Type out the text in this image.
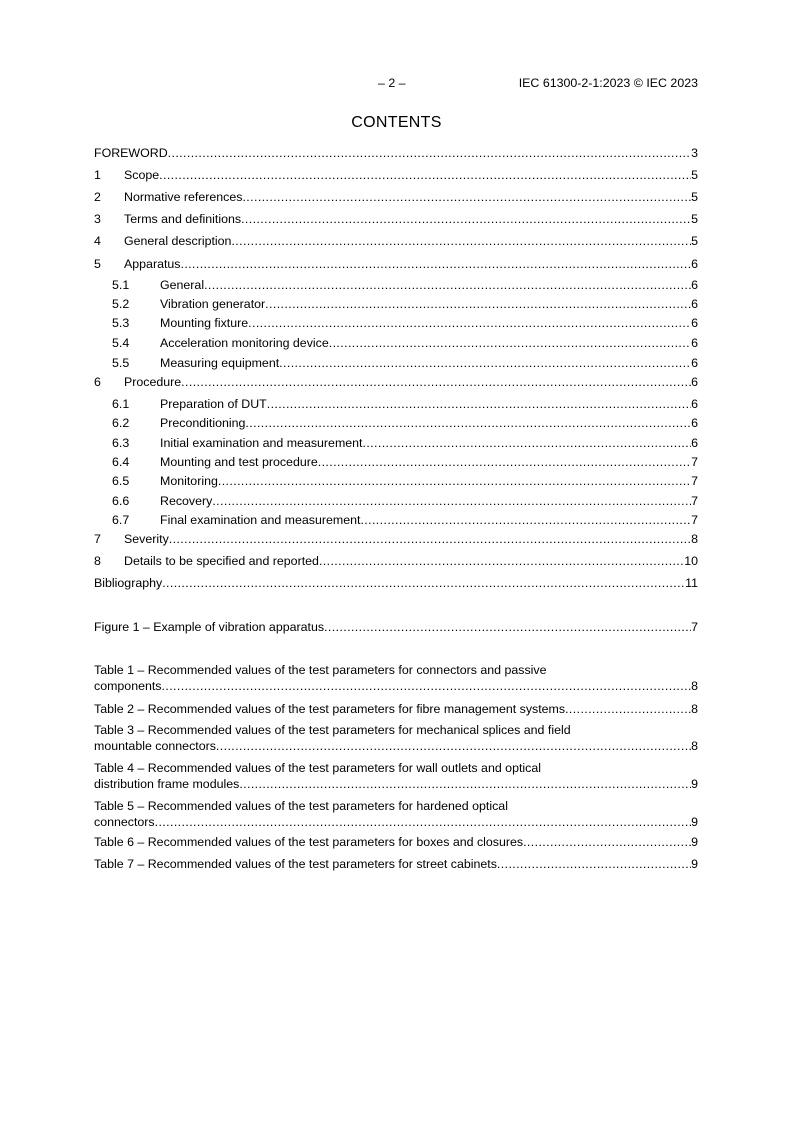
– 2 –	IEC 61300-2-1:2023 © IEC 2023
CONTENTS
FOREWORD .....	3
1	Scope .....	5
2	Normative references .....	5
3	Terms and definitions .....	5
4	General description .....	5
5	Apparatus .....	6
5.1	General .....	6
5.2	Vibration generator .....	6
5.3	Mounting fixture .....	6
5.4	Acceleration monitoring device .....	6
5.5	Measuring equipment .....	6
6	Procedure .....	6
6.1	Preparation of DUT .....	6
6.2	Preconditioning .....	6
6.3	Initial examination and measurement .....	6
6.4	Mounting and test procedure .....	7
6.5	Monitoring .....	7
6.6	Recovery .....	7
6.7	Final examination and measurement .....	7
7	Severity .....	8
8	Details to be specified and reported .....	10
Bibliography .....	11
Figure 1 – Example of vibration apparatus .....	7
Table 1 – Recommended values of the test parameters for connectors and passive
components .....	8
Table 2 – Recommended values of the test parameters for fibre management systems .....	8
Table 3 – Recommended values of the test parameters for mechanical splices and field
mountable connectors .....	8
Table 4 – Recommended values of the test parameters for wall outlets and optical
distribution frame modules .....	9
Table 5 – Recommended values of the test parameters for hardened optical
connectors .....	9
Table 6 – Recommended values of the test parameters for boxes and closures .....	9
Table 7 – Recommended values of the test parameters for street cabinets .....	9
